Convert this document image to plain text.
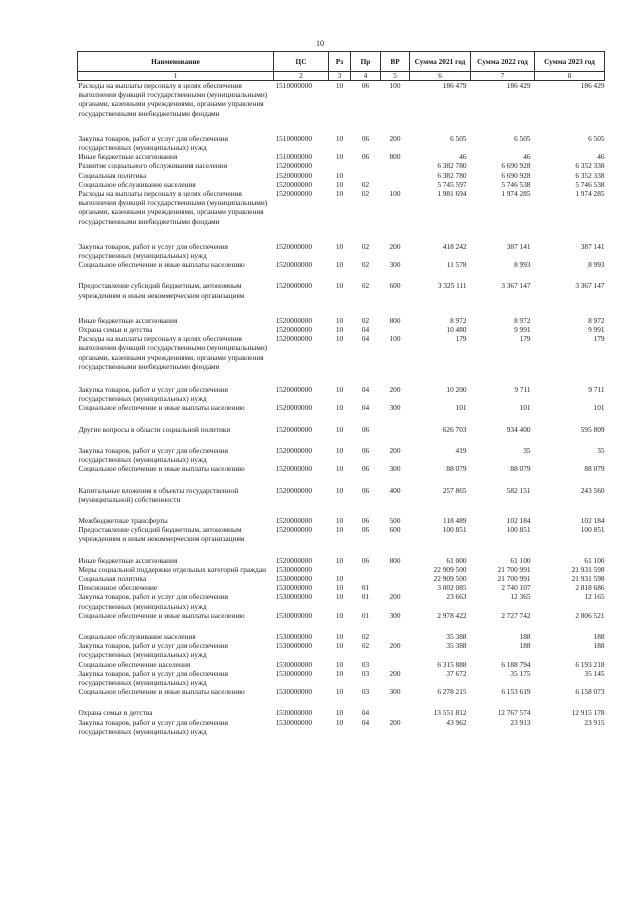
10
Наименование	ЦС	Рз	Пр	ВР	Сумма 2021 год	Сумма 2022 год	Сумма 2023 год
1	2	3	4	5	6	7	8
Расходы на выплаты персоналу в целях обеспечения выполнения функций государственными (муниципальными) органами, казенными учреждениями, органами управления государственными внебюджетными фондами	1510000000	10	06	100	186 479	186 429	186 429

Закупка товаров, работ и услуг для обеспечения государственных (муниципальных) нужд	1510000000	10	06	200	6 505	6 505	6 505
Иные бюджетные ассигнования	1510000000	10	06	800	46	46	46
Развитие социального обслуживания населения	1520000000				6 382 780	6 690 928	6 352 338
Социальная политика	1520000000	10			6 382 780	6 690 928	6 352 338
Социальное обслуживание населения	1520000000	10	02		5 745 597	5 746 538	5 746 538
Расходы на выплаты персоналу в целях обеспечения выполнения функций государственными (муниципальными) органами, казенными учреждениями, органами управления государственными внебюджетными фондами	1520000000	10	02	100	1 981 694	1 974 285	1 974 285

Закупка товаров, работ и услуг для обеспечения государственных (муниципальных) нужд	1520000000	10	02	200	418 242	387 141	387 141
Социальное обеспечение и иные выплаты населению	1520000000	10	02	300	11 578	8 993	8 993

Предоставление субсидий бюджетным, автономным учреждениям и иным некоммерческим организациям	1520000000	10	02	600	3 325 111	3 367 147	3 367 147

Иные бюджетные ассигнования	1520000000	10	02	800	8 972	8 972	8 972
Охрана семьи и детства	1520000000	10	04		10 480	9 991	9 991
Расходы на выплаты персоналу в целях обеспечения выполнения функций государственными (муниципальными) органами, казенными учреждениями, органами управления государственными внебюджетными фондами	1520000000	10	04	100	179	179	179

Закупка товаров, работ и услуг для обеспечения государственных (муниципальных) нужд	1520000000	10	04	200	10 200	9 711	9 711
Социальное обеспечение и иные выплаты населению	1520000000	10	04	300	101	101	101

Другие вопросы в области социальной политики	1520000000	10	06		626 703	934 400	595 809

Закупка товаров, работ и услуг для обеспечения государственных (муниципальных) нужд	1520000000	10	06	200	419	35	35
Социальное обеспечение и иные выплаты населению	1520000000	10	06	300	88 079	88 079	88 079

Капитальные вложения в объекты государственной (муниципальной) собственности	1520000000	10	06	400	257 865	582 151	243 560

Межбюджетные трансферты	1520000000	10	06	500	118 489	102 184	102 184
Предоставление субсидий бюджетным, автономным учреждениям и иным некоммерческим организациям	1520000000	10	06	600	100 851	100 851	100 851

Иные бюджетные ассигнования	1520000000	10	06	800	61 000	61 100	61 100
Меры социальной поддержки отдельных категорий граждан	1530000000				22 909 500	21 700 991	21 931 598
Социальная политика	1530000000	10			22 909 500	21 700 991	21 931 598
Пенсионное обеспечение	1530000000	10	01		3 002 085	2 740 107	2 818 686
Закупка товаров, работ и услуг для обеспечения государственных (муниципальных) нужд	1530000000	10	01	200	23 663	12 365	12 165
Социальное обеспечение и иные выплаты населению	1530000000	10	01	300	2 978 422	2 727 742	2 806 521

Социальное обслуживание населения	1530000000	10	02		35 388	188	188
Закупка товаров, работ и услуг для обеспечения государственных (муниципальных) нужд	1530000000	10	02	200	35 388	188	188
Социальное обеспечение населения	1530000000	10	03		6 315 888	6 188 794	6 193 218
Закупка товаров, работ и услуг для обеспечения государственных (муниципальных) нужд	1530000000	10	03	200	37 672	35 175	35 145
Социальное обеспечение и иные выплаты населению	1530000000	10	03	300	6 278 215	6 153 619	6 158 073

Охрана семьи и детства	1530000000	10	04		13 551 812	12 767 574	12 915 178
Закупка товаров, работ и услуг для обеспечения государственных (муниципальных) нужд	1530000000	10	04	200	43 962	23 913	23 915
